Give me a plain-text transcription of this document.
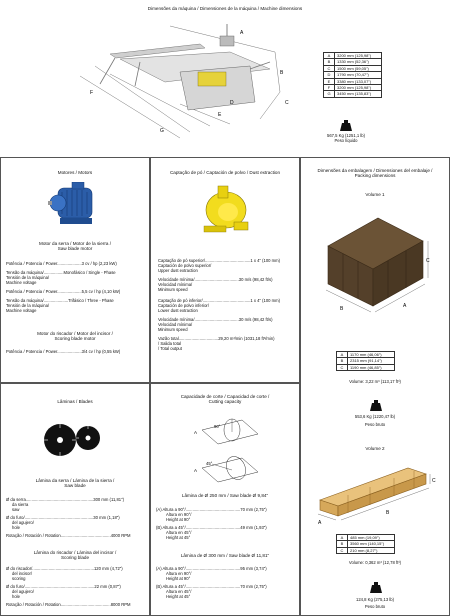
Dimensões da máquina / Dimensiones de la máquina / Machine dimensions
A
B
C
D
E
F
G
A	3200 mm (125,98")
B	1330 mm (52,36")
C	1500 mm (59,05")
D	1790 mm (70,47")
E	3380 mm (133,07")
F	3200 mm (125,98")
G	3450 mm (135,83")
567,5 Kg (1251,1 lb)
Peso líquido
Motores / Motors
Motor da serra / Motor de la sierra /
Saw blade motor
Potência / Potencia / Power.....................3 cv / hp (2,23 kW)
Tensão da máquina/.................Monofásico / Single - Phase
Tensión de la máquina/
Machine voltage
Potência / Potencia / Power.....................5,5 cv / hp (4,10 kW)
Tensão da máquina/.....................Trifásico / Three - Phase
Tensión de la máquina/
Machine voltage
Motor do riscador / Motor del incisor /
Scoring blade motor
Potência / Potencia / Power.....................3/4 cv / hp (0,55 kW)
Captação de pó / Captación de polvo / Dust extraction
Captação de pó superior/.......................................1 x 4" (100 mm)
Captación de polvo superior/
Upper dust extraction
Velocidade mínima/......................................30 m/s (98,42 ft/s)
Velocidad mínima/
Minimum speed
Captação de pó inferior/.........................................1 x 4" (100 mm)
Captación de polvo inferior/
Lower dust extraction
Velocidade mínima/......................................30 m/s (98,42 ft/s)
Velocidad mínima/
Minimum speed
Vazão total..................................29,20 m³/min (1031,18 ft³/min)
/ Salida total
/ Total output
Dimensões da embalagem / Dimensiones del embalaje /
Packing dimensions
Volume 1
B	A
C
A	1170 mm (46,06")
B	2315 mm (91,14")
C	1190 mm (46,85")
Volume: 3,22 m³ (113,17 ft³)
553,6 Kg (1220,47 lb)
Peso bruto
Volume 2
A
B
C
A	485 mm (19,09")
B	3560 mm (140,15")
C	210 mm (8,27")
Volume: 0,362 m³ (12,78 ft³)
124,8 Kg (275,13 lb)
Peso bruto
Lâminas / Blades
Lâmina da serra / Lámina de la sierra /
Saw blade
Ø da serra..........................................................300 mm (11,81")
da sierra
saw
Ø do furo/...........................................................30 mm (1,18")
del agujero/
hole
Rotação / Rotación / Rotation...........................................4000 RPM
Lâmina do riscador / Lámina del incisor /
Scoring blade
Ø do riscador/.....................................................120 mm (4,72")
del incisor/
scoring
Ø do furo/............................................................22 mm (0,87")
del agujero/
hole
Rotação / Rotación / Rotation...........................................8000 RPM
Capacidade de corte / Capacidad de corte /
Cutting capacity
90°
A
45°
A
Lâmina de Ø 250 mm / Saw blade Ø 9,84"
(A) Altura a 90°/...............................................70 mm (2,75")
Altura en 90°/
Height at 90°
(B) Altura a 45°/...............................................49 mm (1,93")
Altura en 45°/
Height at 45°
Lâmina de Ø 300 mm / Saw blade Ø 11,81"
(A) Altura a 90°/...............................................95 mm (3,74")
Altura en 90°/
Height at 90°
(B) Altura a 45°/...............................................70 mm (2,75")
Altura en 45°/
Height at 45°
